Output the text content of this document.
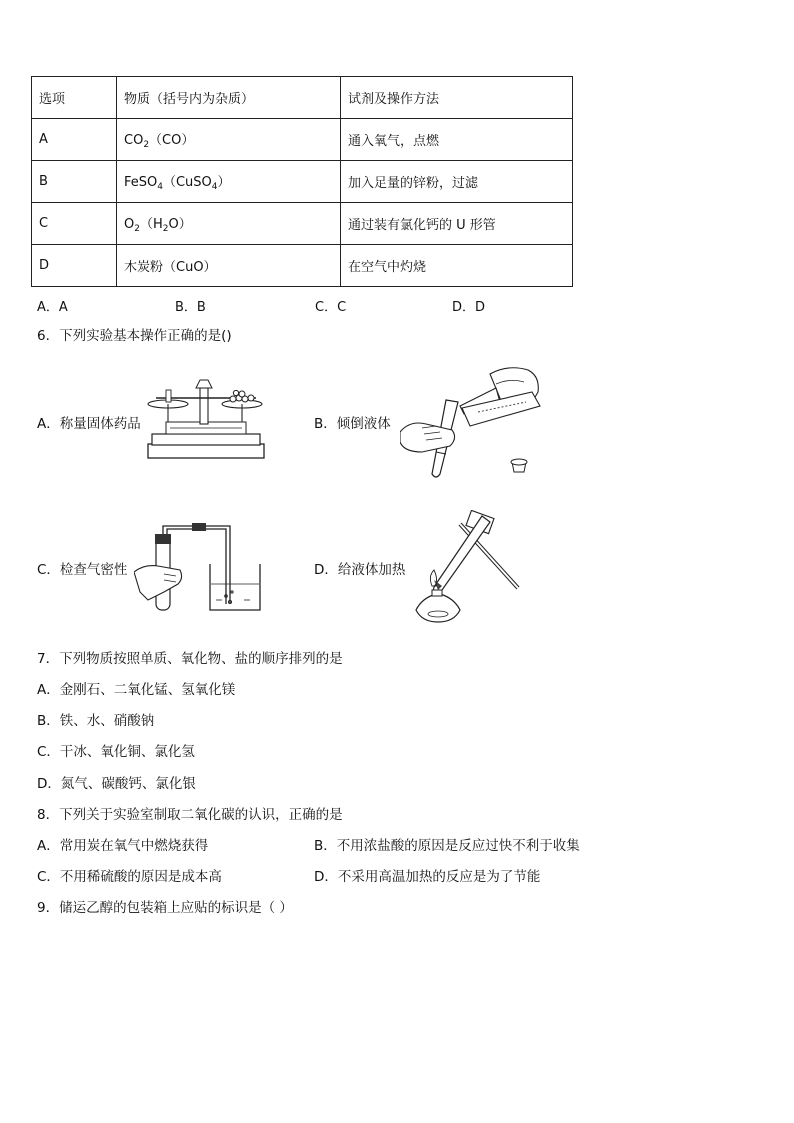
选项	物质（括号内为杂质）	试剂及操作方法
A	$CO_2(CO)$	通入氧气，点燃
B	FeSO$_4$（CuSO$_4$）	加入足量的锌粉，过滤
C	$O_2(H_2O)$	通过装有氯化钙的 U 形管
D	木炭粉（CuO）	在空气中灼烧
A．A	B．B	C．C	D．D
6．下列实验基本操作正确的是()
A．称量固体药品	B．倾倒液体
C．检查气密性	D．给液体加热
7．下列物质按照单质、氧化物、盐的顺序排列的是
A．金刚石、二氧化锰、氢氧化镁
B．铁、水、硝酸钠
C．干冰、氧化铜、氯化氢
D．氮气、碳酸钙、氯化银
8．下列关于实验室制取二氧化碳的认识，正确的是
A．常用炭在氧气中燃烧获得	B．不用浓盐酸的原因是反应过快不利于收集
C．不用稀硫酸的原因是成本高	D．不采用高温加热的反应是为了节能
9．储运乙醇的包装箱上应贴的标识是（ ）
